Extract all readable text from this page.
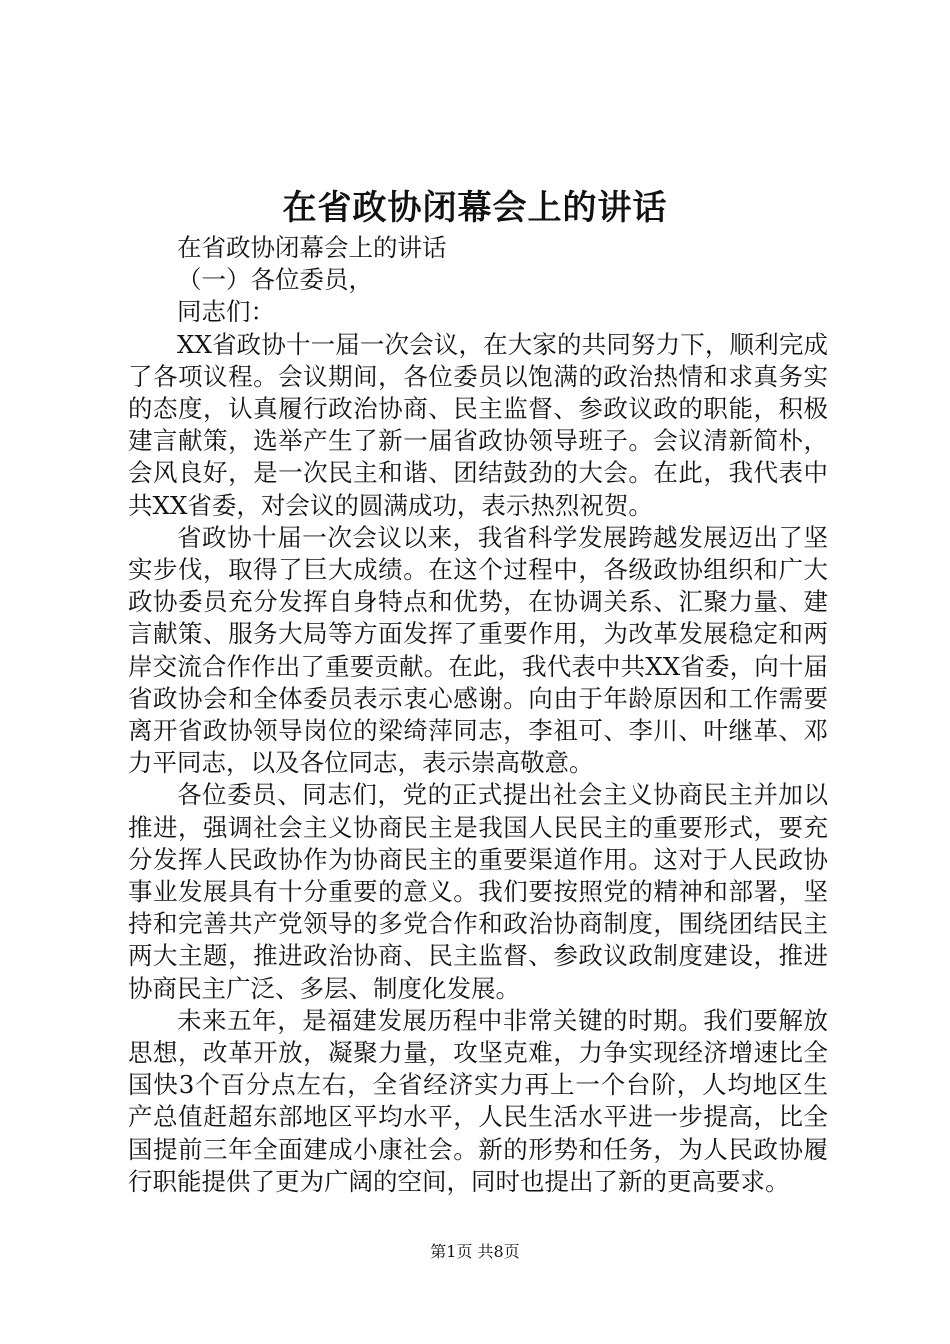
在省政协闭幕会上的讲话

在省政协闭幕会上的讲话

（一）各位委员，

同志们：

XX省政协十一届一次会议，在大家的共同努力下，顺利完成了各项议程。会议期间，各位委员以饱满的政治热情和求真务实的态度，认真履行政治协商、民主监督、参政议政的职能，积极建言献策，选举产生了新一届省政协领导班子。会议清新简朴，会风良好，是一次民主和谐、团结鼓劲的大会。在此，我代表中共XX省委，对会议的圆满成功，表示热烈祝贺。

省政协十届一次会议以来，我省科学发展跨越发展迈出了坚实步伐，取得了巨大成绩。在这个过程中，各级政协组织和广大政协委员充分发挥自身特点和优势，在协调关系、汇聚力量、建言献策、服务大局等方面发挥了重要作用，为改革发展稳定和两岸交流合作作出了重要贡献。在此，我代表中共XX省委，向十届省政协会和全体委员表示衷心感谢。向由于年龄原因和工作需要离开省政协领导岗位的梁绮萍同志，李祖可、李川、叶继革、邓力平同志，以及各位同志，表示崇高敬意。

各位委员、同志们，党的正式提出社会主义协商民主并加以推进，强调社会主义协商民主是我国人民民主的重要形式，要充分发挥人民政协作为协商民主的重要渠道作用。这对于人民政协事业发展具有十分重要的意义。我们要按照党的精神和部署，坚持和完善共产党领导的多党合作和政治协商制度，围绕团结民主两大主题，推进政治协商、民主监督、参政议政制度建设，推进协商民主广泛、多层、制度化发展。

未来五年，是福建发展历程中非常关键的时期。我们要解放思想，改革开放，凝聚力量，攻坚克难，力争实现经济增速比全国快3个百分点左右，全省经济实力再上一个台阶，人均地区生产总值赶超东部地区平均水平，人民生活水平进一步提高，比全国提前三年全面建成小康社会。新的形势和任务，为人民政协履行职能提供了更为广阔的空间，同时也提出了新的更高要求。

第1页 共8页
